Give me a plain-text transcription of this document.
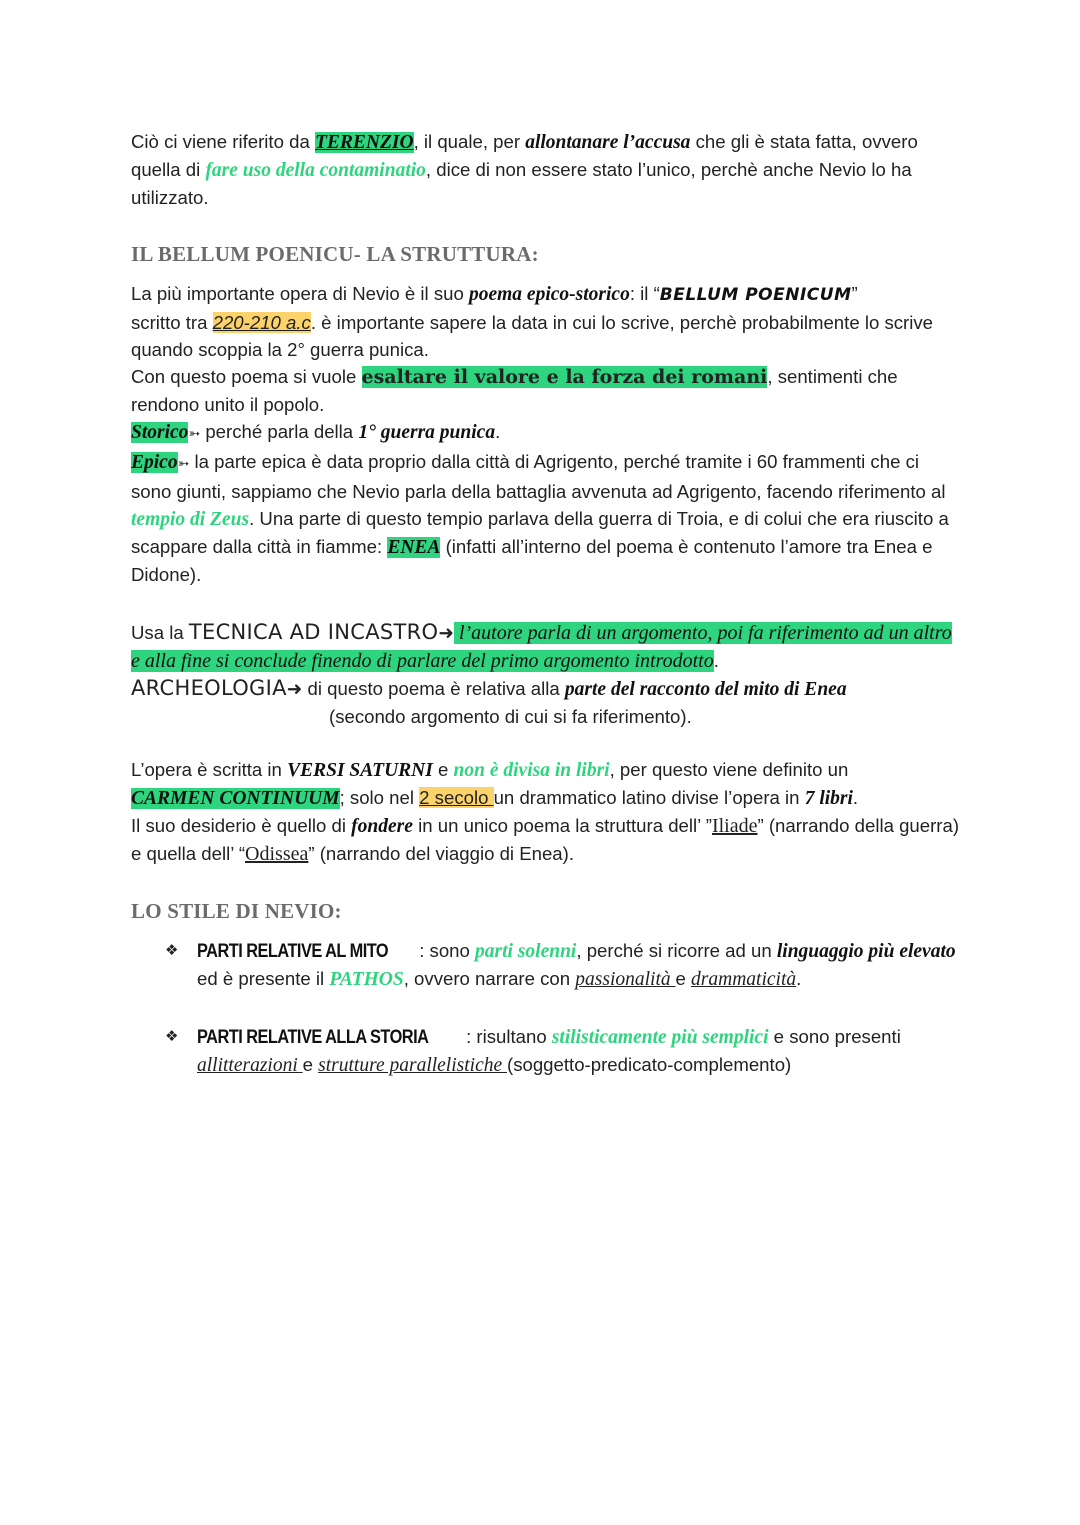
Ciò ci viene riferito da TERENZIO, il quale, per allontanare l’accusa che gli è stata fatta, ovvero quella di fare uso della contaminatio, dice di non essere stato l’unico, perchè anche Nevio lo ha utilizzato.

IL BELLUM POENICU- LA STRUTTURA:

La più importante opera di Nevio è il suo poema epico-storico: il “BELLUM POENICUM”
scritto tra 220-210 a.c. è importante sapere la data in cui lo scrive, perchè probabilmente lo scrive quando scoppia la 2° guerra punica.

Con questo poema si vuole esaltare il valore e la forza dei romani, sentimenti che rendono unito il popolo.

Storico➳ perché parla della 1° guerra punica.

Epico➳ la parte epica è data proprio dalla città di Agrigento, perché tramite i 60 frammenti che ci sono giunti, sappiamo che Nevio parla della battaglia avvenuta ad Agrigento, facendo riferimento al tempio di Zeus. Una parte di questo tempio parlava della guerra di Troia, e di colui che era riuscito a scappare dalla città in fiamme: ENEA (infatti all’interno del poema è contenuto l’amore tra Enea e Didone).

Usa la TECNICA AD INCASTRO➜ l’autore parla di un argomento, poi fa riferimento ad un altro e alla fine si conclude finendo di parlare del primo argomento introdotto.

ARCHEOLOGIA➜ di questo poema è relativa alla parte del racconto del mito di Enea

(secondo argomento di cui si fa riferimento).

L’opera è scritta in VERSI SATURNI e non è divisa in libri, per questo viene definito un
CARMEN CONTINUUM; solo nel 2 secolo un drammatico latino divise l’opera in 7 libri.

Il suo desiderio è quello di fondere in un unico poema la struttura dell’ ”Iliade” (narrando della guerra) e quella dell’ “Odissea” (narrando del viaggio di Enea).

LO STILE DI NEVIO:
❖ PARTI RELATIVE AL MITO : sono parti solenni, perché si ricorre ad un linguaggio più elevato ed è presente il PATHOS, ovvero narrare con passionalità e drammaticità.
❖ PARTI RELATIVE ALLA STORIA : risultano stilisticamente più semplici e sono presenti allitterazioni e strutture parallelistiche (soggetto-predicato-complemento)
